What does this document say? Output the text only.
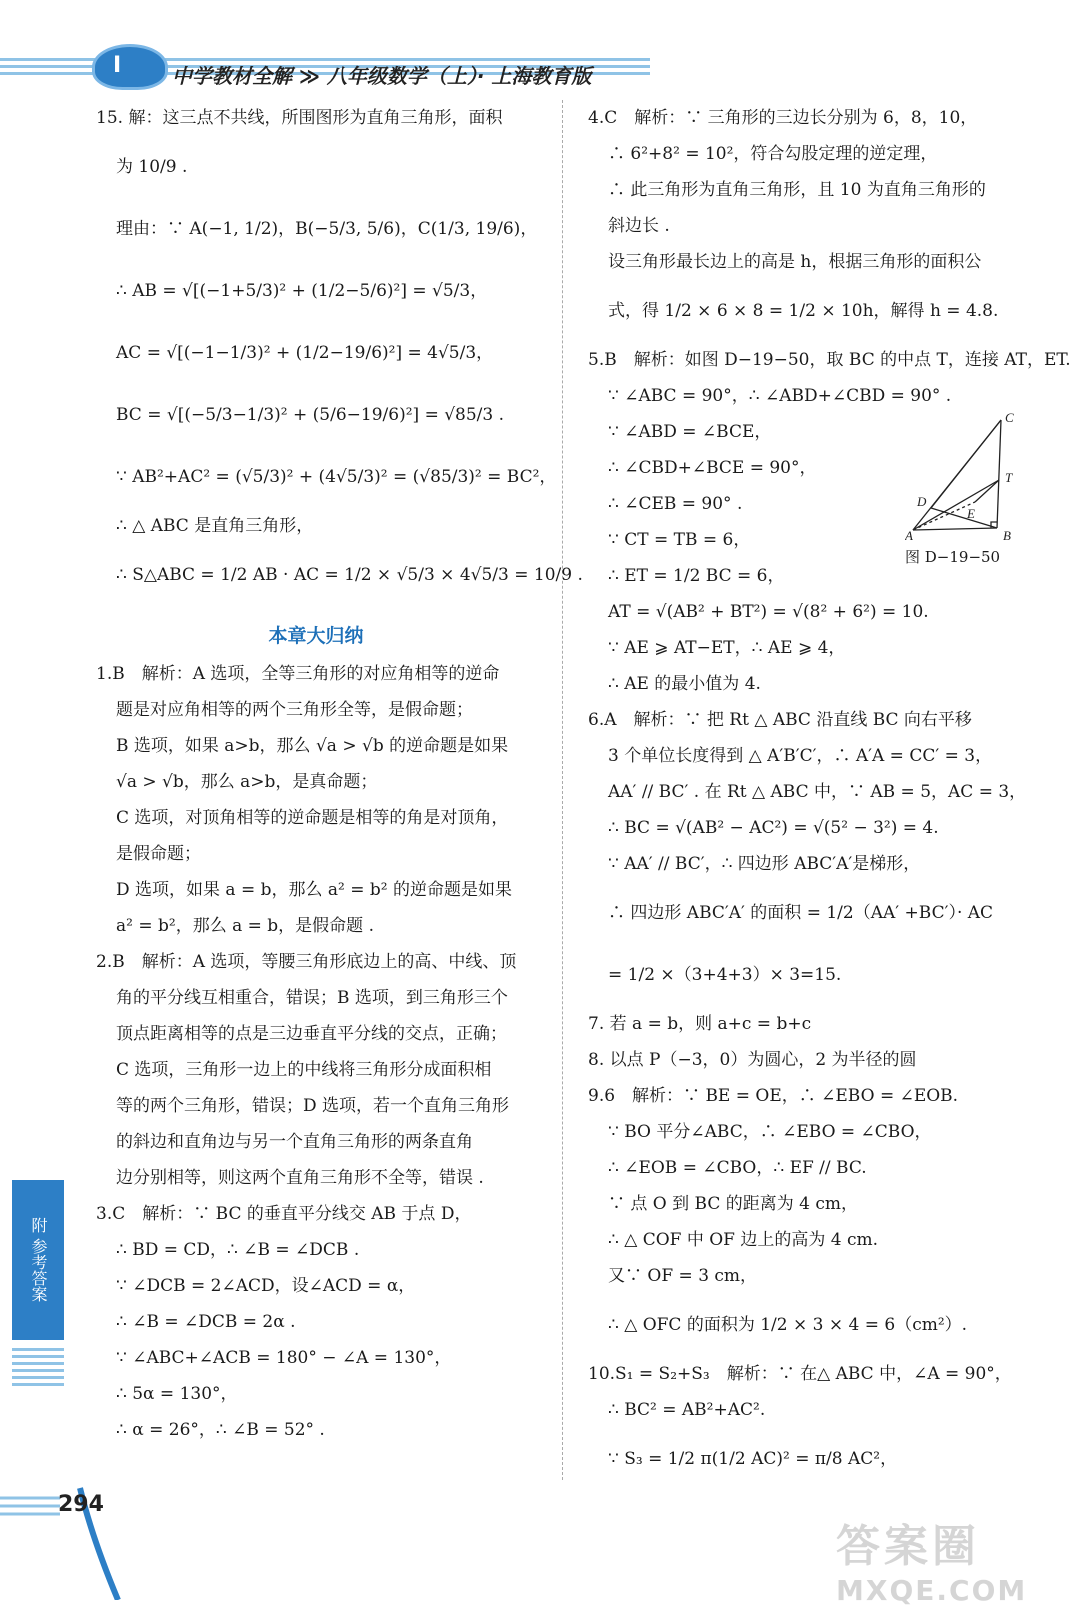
I	中学教材全解 ≫ 八年级数学（上）· 上海教育版
15. 解：这三点不共线，所围图形为直角三角形，面积
为 10/9 .
理由：∵ A(−1, 1/2)，B(−5/3, 5/6)，C(1/3, 19/6)，
∴ AB = √[(−1+5/3)² + (1/2−5/6)²] = √5/3，
AC = √[(−1−1/3)² + (1/2−19/6)²] = 4√5/3，
BC = √[(−5/3−1/3)² + (5/6−19/6)²] = √85/3 .
∵ AB²+AC² = (√5/3)² + (4√5/3)² = (√85/3)² = BC²，
∴ △ ABC 是直角三角形，
∴ S△ABC = 1/2 AB · AC = 1/2 × √5/3 × 4√5/3 = 10/9 .
本章大归纳
1.B　解析：A 选项，全等三角形的对应角相等的逆命
题是对应角相等的两个三角形全等，是假命题；
B 选项，如果 a>b，那么 √a > √b 的逆命题是如果
√a > √b，那么 a>b，是真命题；
C 选项，对顶角相等的逆命题是相等的角是对顶角，
是假命题；
D 选项，如果 a = b，那么 a² = b² 的逆命题是如果
a² = b²，那么 a = b，是假命题 .
2.B　解析：A 选项，等腰三角形底边上的高、中线、顶
角的平分线互相重合，错误；B 选项，到三角形三个
顶点距离相等的点是三边垂直平分线的交点，正确；
C 选项，三角形一边上的中线将三角形分成面积相
等的两个三角形，错误；D 选项，若一个直角三角形
的斜边和直角边与另一个直角三角形的两条直角
边分别相等，则这两个直角三角形不全等，错误 .
3.C　解析：∵ BC 的垂直平分线交 AB 于点 D，
∴ BD = CD，∴ ∠B = ∠DCB .
∵ ∠DCB = 2∠ACD，设∠ACD = α，
∴ ∠B = ∠DCB = 2α .
∵ ∠ABC+∠ACB = 180° − ∠A = 130°，
∴ 5α = 130°，
∴ α = 26°，∴ ∠B = 52° .
4.C　解析：∵ 三角形的三边长分别为 6，8，10，
∴ 6²+8² = 10²，符合勾股定理的逆定理，
∴ 此三角形为直角三角形，且 10 为直角三角形的
斜边长 .
设三角形最长边上的高是 h，根据三角形的面积公
式，得 1/2 × 6 × 8 = 1/2 × 10h，解得 h = 4.8.
5.B　解析：如图 D−19−50，取 BC 的中点 T，连接 AT，ET.
∵ ∠ABC = 90°，∴ ∠ABD+∠CBD = 90° .
∵ ∠ABD = ∠BCE，
∴ ∠CBD+∠BCE = 90°，
∴ ∠CEB = 90° .
∵ CT = TB = 6，
∴ ET = 1/2 BC = 6，
AT = √(AB² + BT²) = √(8² + 6²) = 10.
∵ AE ⩾ AT−ET，∴ AE ⩾ 4，
∴ AE 的最小值为 4.
6.A　解析：∵ 把 Rt △ ABC 沿直线 BC 向右平移
3 个单位长度得到 △ A′B′C′，∴ A′A = CC′ = 3，
AA′ // BC′ . 在 Rt △ ABC 中，∵ AB = 5，AC = 3，
∴ BC = √(AB² − AC²) = √(5² − 3²) = 4.
∵ AA′ // BC′，∴ 四边形 ABC′A′是梯形，
∴ 四边形 ABC′A′ 的面积 = 1/2（AA′ +BC′）· AC
= 1/2 ×（3+4+3）× 3=15.
7. 若 a = b，则 a+c = b+c
8. 以点 P（−3，0）为圆心，2 为半径的圆
9.6　解析：∵ BE = OE，∴ ∠EBO = ∠EOB.
∵ BO 平分∠ABC，∴ ∠EBO = ∠CBO，
∴ ∠EOB = ∠CBO，∴ EF // BC.
∵ 点 O 到 BC 的距离为 4 cm，
∴ △ COF 中 OF 边上的高为 4 cm.
又∵ OF = 3 cm，
∴ △ OFC 的面积为 1/2 × 3 × 4 = 6（cm²）.
10.S₁ = S₂+S₃　解析：∵ 在△ ABC 中，∠A = 90°，
∴ BC² = AB²+AC².
∵ S₃ = 1/2 π(1/2 AC)² = π/8 AC²，
A	B
C
D
E
T
图 D−19−50
附 参考答案
294
答案圈
MXQE.COM
